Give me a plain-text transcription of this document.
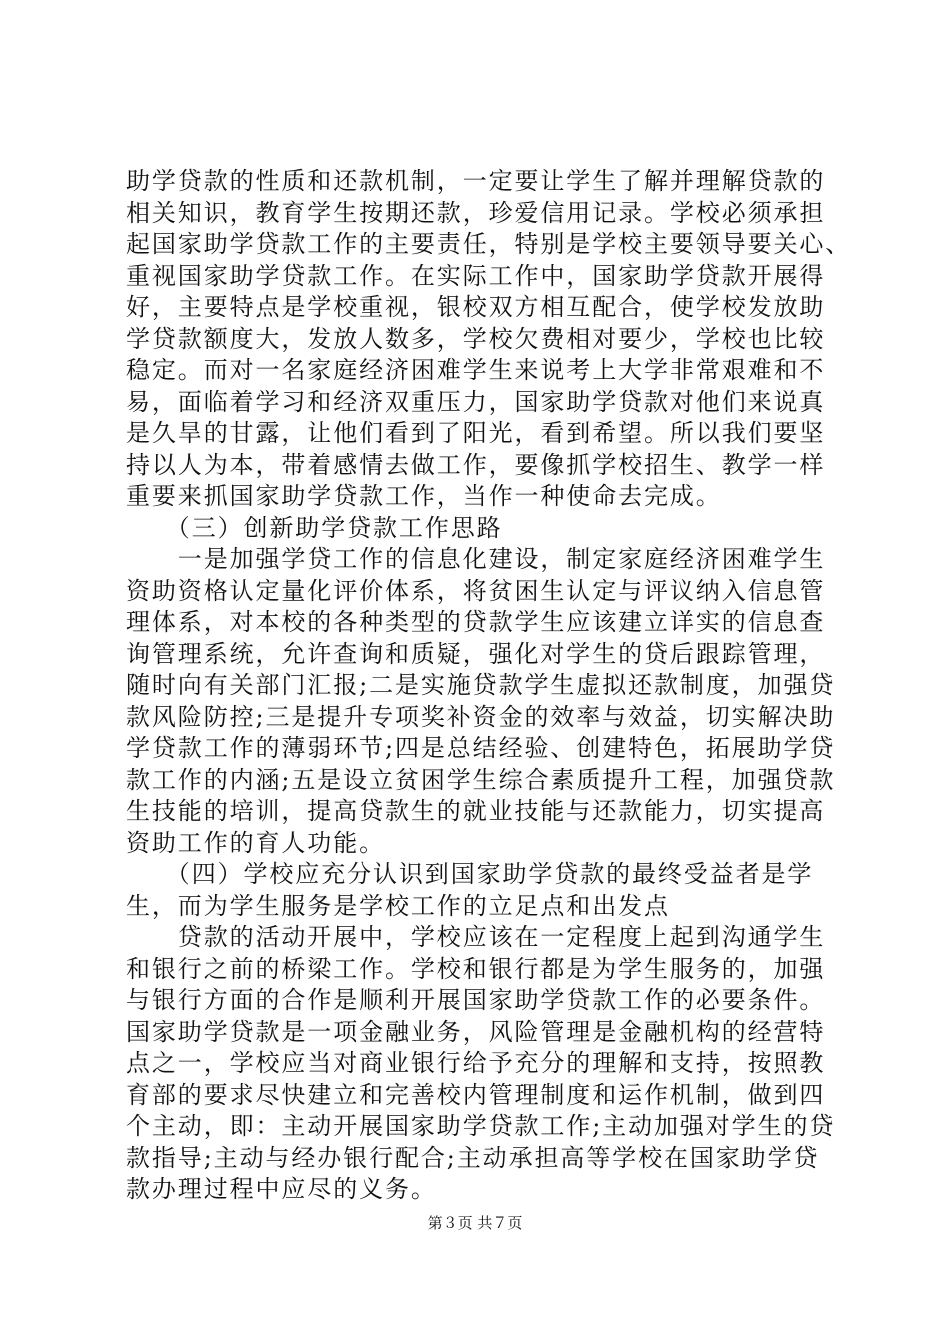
助学贷款的性质和还款机制，一定要让学生了解并理解贷款的
相关知识，教育学生按期还款，珍爱信用记录。学校必须承担
起国家助学贷款工作的主要责任，特别是学校主要领导要关心、
重视国家助学贷款工作。在实际工作中，国家助学贷款开展得
好，主要特点是学校重视，银校双方相互配合，使学校发放助
学贷款额度大，发放人数多，学校欠费相对要少，学校也比较
稳定。而对一名家庭经济困难学生来说考上大学非常艰难和不
易，面临着学习和经济双重压力，国家助学贷款对他们来说真
是久旱的甘露，让他们看到了阳光，看到希望。所以我们要坚
持以人为本，带着感情去做工作，要像抓学校招生、教学一样
重要来抓国家助学贷款工作，当作一种使命去完成。
　　（三）创新助学贷款工作思路
　　一是加强学贷工作的信息化建设，制定家庭经济困难学生
资助资格认定量化评价体系，将贫困生认定与评议纳入信息管
理体系，对本校的各种类型的贷款学生应该建立详实的信息查
询管理系统，允许查询和质疑，强化对学生的贷后跟踪管理，
随时向有关部门汇报;二是实施贷款学生虚拟还款制度，加强贷
款风险防控;三是提升专项奖补资金的效率与效益，切实解决助
学贷款工作的薄弱环节;四是总结经验、创建特色，拓展助学贷
款工作的内涵;五是设立贫困学生综合素质提升工程，加强贷款
生技能的培训，提高贷款生的就业技能与还款能力，切实提高
资助工作的育人功能。
　　（四）学校应充分认识到国家助学贷款的最终受益者是学
生，而为学生服务是学校工作的立足点和出发点
　　贷款的活动开展中，学校应该在一定程度上起到沟通学生
和银行之前的桥梁工作。学校和银行都是为学生服务的，加强
与银行方面的合作是顺利开展国家助学贷款工作的必要条件。
国家助学贷款是一项金融业务，风险管理是金融机构的经营特
点之一，学校应当对商业银行给予充分的理解和支持，按照教
育部的要求尽快建立和完善校内管理制度和运作机制，做到四
个主动，即：主动开展国家助学贷款工作;主动加强对学生的贷
款指导;主动与经办银行配合;主动承担高等学校在国家助学贷
款办理过程中应尽的义务。
第３页 共７页
